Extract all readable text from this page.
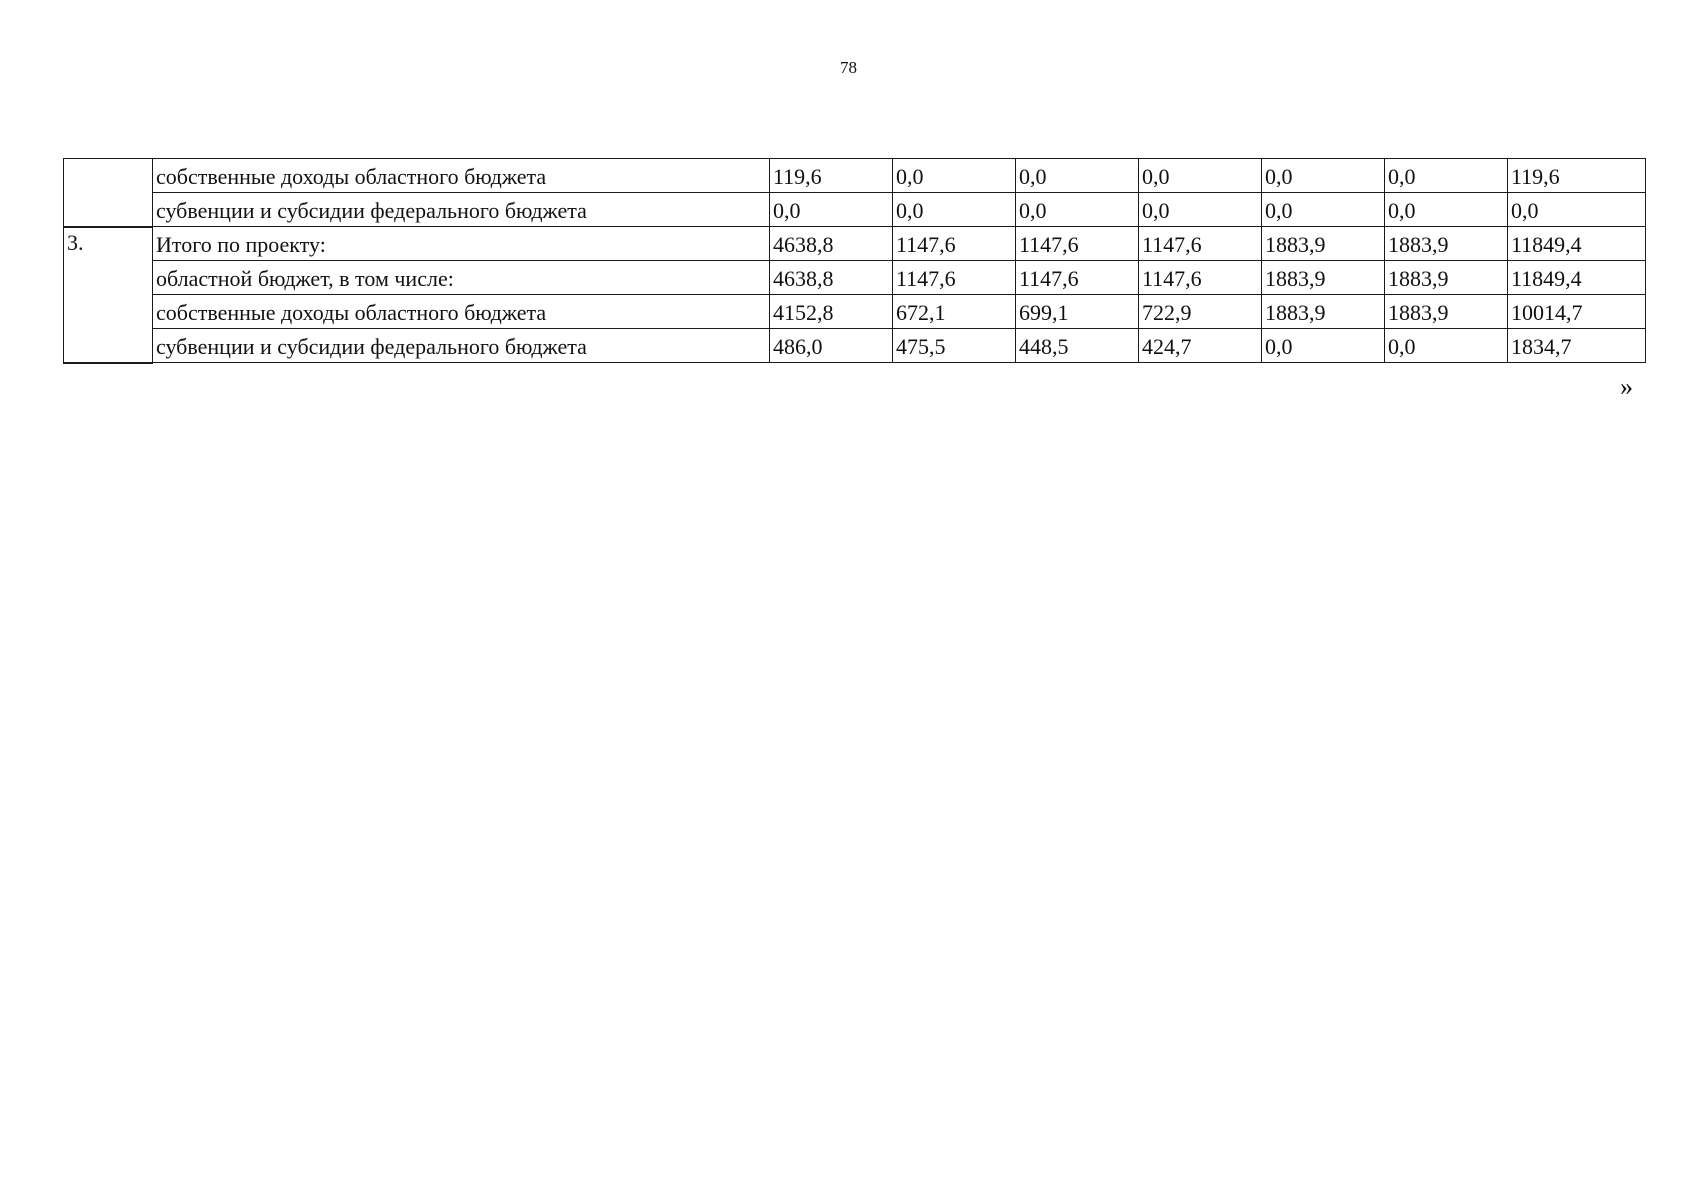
78
	собственные доходы областного бюджета	119,6	0,0	0,0	0,0	0,0	0,0	119,6
	субвенции и субсидии федерального бюджета	0,0	0,0	0,0	0,0	0,0	0,0	0,0
3.	Итого по проекту:	4638,8	1147,6	1147,6	1147,6	1883,9	1883,9	11849,4
	областной бюджет, в том числе:	4638,8	1147,6	1147,6	1147,6	1883,9	1883,9	11849,4
	собственные доходы областного бюджета	4152,8	672,1	699,1	722,9	1883,9	1883,9	10014,7
	субвенции и субсидии федерального бюджета	486,0	475,5	448,5	424,7	0,0	0,0	1834,7
»
